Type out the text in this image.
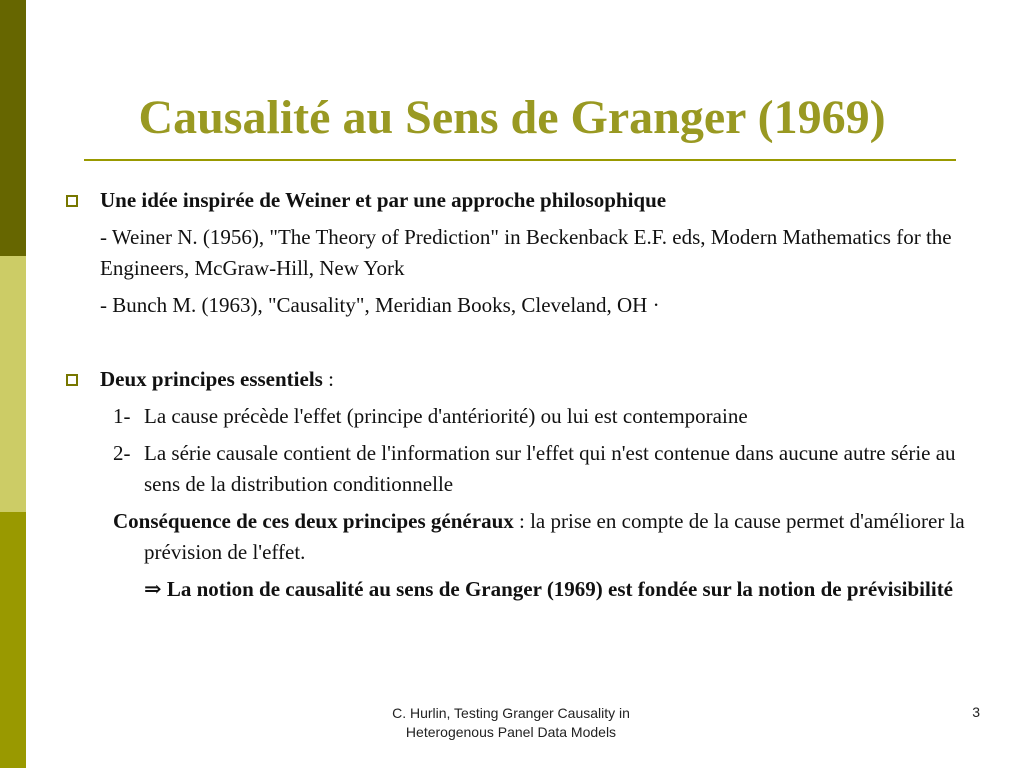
Causalité au Sens de Granger (1969)
Une idée inspirée de Weiner et par une approche philosophique
- Weiner N. (1956), "The Theory of Prediction" in Beckenback E.F. eds, Modern Mathematics for the Engineers, McGraw-Hill, New York
- Bunch M. (1963), "Causality", Meridian Books, Cleveland, OH ·
Deux principes essentiels :
1- La cause précède l'effet (principe d'antériorité) ou lui est contemporaine
2- La série causale contient de l'information sur l'effet qui n'est contenue dans aucune autre série au sens de la distribution conditionnelle
Conséquence de ces deux principes généraux : la prise en compte de la cause permet d'améliorer la prévision de l'effet.
⇒ La notion de causalité au sens de Granger (1969) est fondée sur la notion de prévisibilité
C. Hurlin, Testing Granger Causality in
Heterogenous Panel Data Models
3
